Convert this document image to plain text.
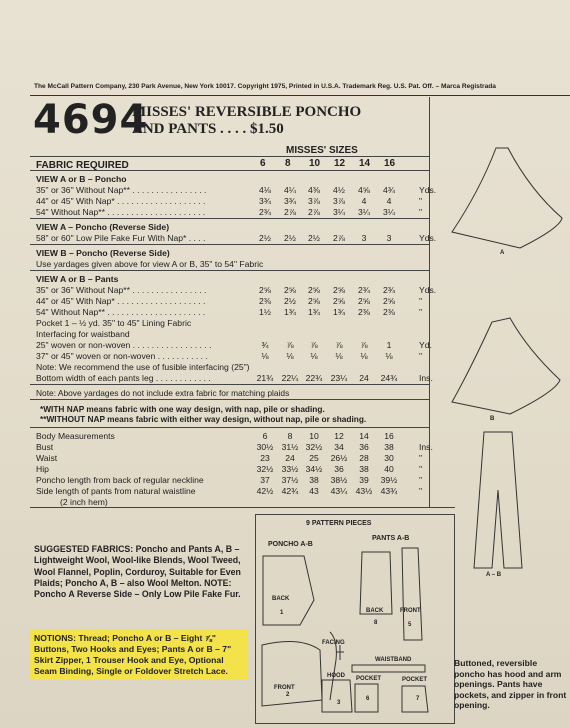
The McCall Pattern Company, 230 Park Avenue, New York 10017. Copyright 1975, Printed in U.S.A. Trademark Reg. U.S. Pat. Off. – Marca Registrada
4694
MISSES' REVERSIBLE PONCHO
AND PANTS . . . . $1.50
MISSES' SIZES
FABRIC REQUIRED	6 8 10 12 14 16
VIEW A or B – Poncho
35" or 36" Without Nap** . . . . . . . . . . . . . . . .	4⅛	4¼	4⅜	4½	4⅝	4¾	Yds.
44" or 45" With Nap* . . . . . . . . . . . . . . . . . . .	3¾	3¾	3⅞	3⅞	4	4	"
54" Without Nap** . . . . . . . . . . . . . . . . . . . . .	2¾	2⅞	2⅞	3¼	3¼	3¼	"
VIEW A – Poncho (Reverse Side)
58" or 60" Low Pile Fake Fur With Nap* . . . .	2½	2½	2½	2⅞	3	3	Yds.
VIEW B – Poncho (Reverse Side)
Use yardages given above for view A or B, 35" to 54" Fabric
VIEW A or B – Pants
35" or 36" Without Nap** . . . . . . . . . . . . . . . .	2⅝	2⅝	2⅝	2⅝	2¾	2¾	Yds.
44" or 45" With Nap* . . . . . . . . . . . . . . . . . . .	2⅜	2½	2⅝	2⅝	2⅝	2⅝	"
54" Without Nap** . . . . . . . . . . . . . . . . . . . . .	1½	1¾	1¾	1¾	2⅜	2⅜	"
Pocket 1 – ½ yd. 35" to 45" Lining Fabric
Interfacing for waistband
25" woven or non-woven . . . . . . . . . . . . . . . . .	¾	⅞	⅞	⅞	⅞	1	Yd.
37" or 45" woven or non-woven . . . . . . . . . . .	⅛	⅛	⅛	⅛	⅛	⅛	"
Note: We recommend the use of fusible interfacing (25")
Bottom width of each pants leg . . . . . . . . . . . .	21¾ 22¼ 22¾ 23¼	24	24¾	Ins.
Note: Above yardages do not include extra fabric for matching plaids
*WITH NAP means fabric with one way design, with nap, pile or shading.
**WITHOUT NAP means fabric with either way design, without nap, pile or shading.
Body Measurements	6	8	10	12	14	16
Bust	30½ 31½ 32½	34	36	38	Ins.
Waist	23	24	25	26½	28	30	"
Hip	32½ 33½ 34½	36	38	40	"
Poncho length from back of regular neckline	37	37½	38	38½	39	39½	"
Side length of pants from natural waistline	42½ 42¾	43	43¼ 43½ 43¾	"
(2 inch hem)
SUGGESTED FABRICS: Poncho and Pants A, B – Lightweight Wool, Wool-like Blends, Wool Tweed, Wool Flannel, Poplin, Corduroy, Suitable for Even Plaids; Poncho A, B – also Wool Melton. NOTE: Poncho A Reverse Side – Only Low Pile Fake Fur.
NOTIONS: Thread; Poncho A or B – Eight ⅞" Buttons, Two Hooks and Eyes; Pants A or B – 7" Skirt Zipper, 1 Trouser Hook and Eye, Optional Seam Binding, Single or Foldover Stretch Lace.
9 PATTERN PIECES
PONCHO A-B
PANTS A-B
BACK
FRONT
FACING
HOOD POCKET
BACK	FRONT
WAISTBAND
POCKET
1
2
3
6
8	5
7
A
B
A – B
Buttoned, reversible poncho has hood and arm openings. Pants have pockets, and zipper in front opening.
